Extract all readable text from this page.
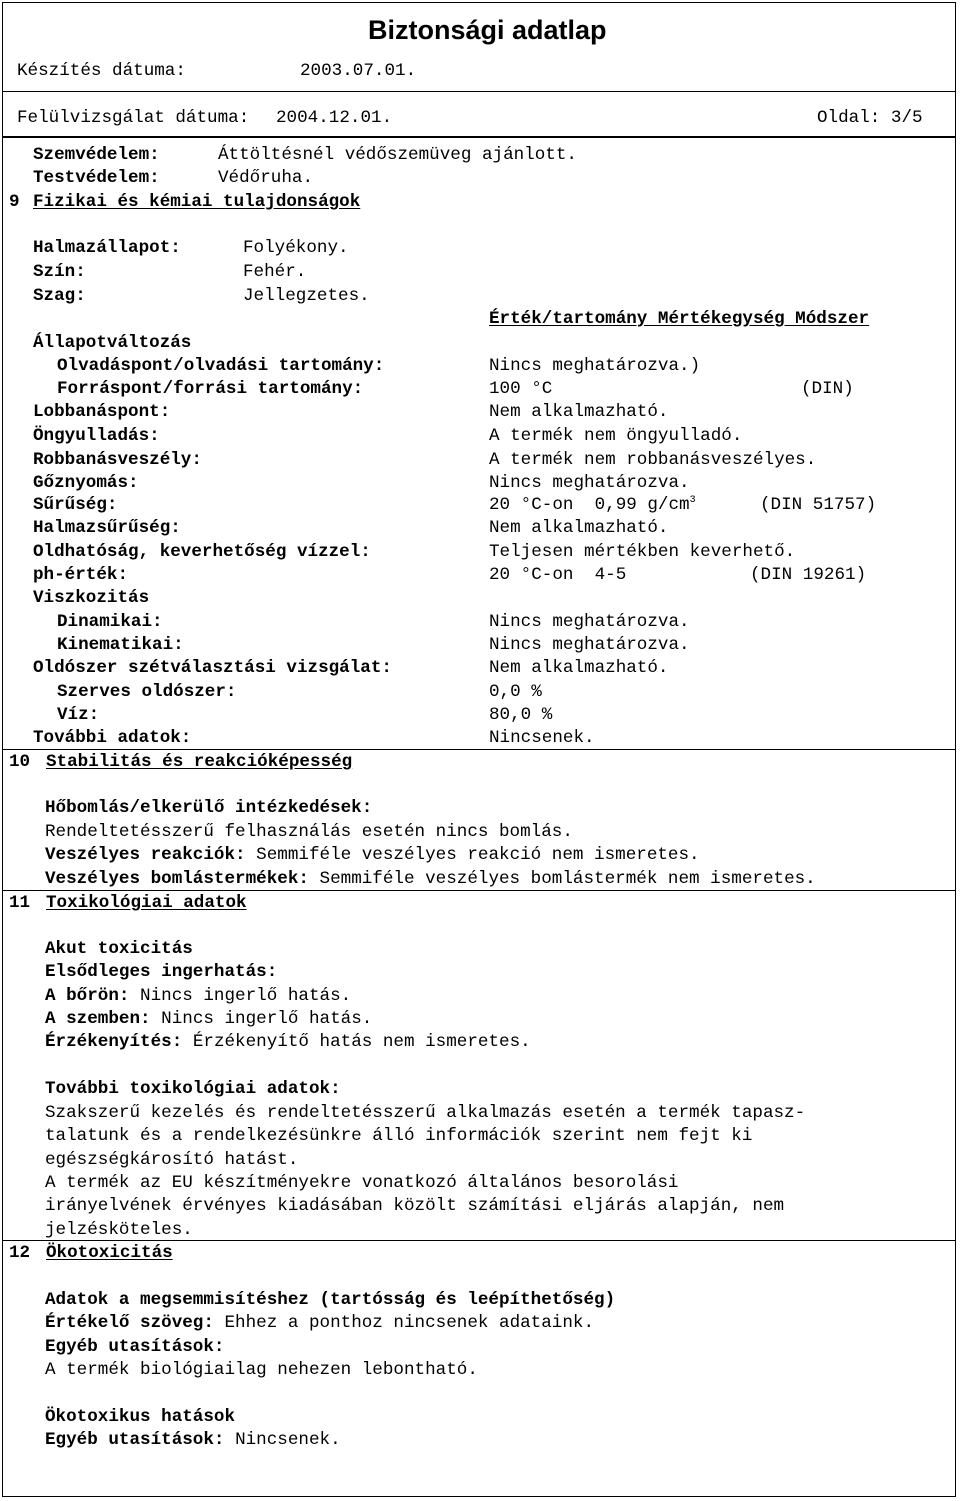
Biztonsági adatlap
Készítés dátuma:	2003.07.01.
Felülvizsgálat dátuma: 2004.12.01.	Oldal: 3/5
Szemvédelem:	Áttöltésnél védőszemüveg ajánlott.
Testvédelem:	Védőruha.
9 Fizikai és kémiai tulajdonságok
Halmazállapot:	Folyékony.
Szín:	Fehér.
Szag:	Jellegzetes.
Érték/tartomány Mértékegység Módszer
Állapotváltozás
Olvadáspont/olvadási tartomány:	Nincs meghatározva.)
Forráspont/forrási tartomány:	100 °C	(DIN)
Lobbanáspont:	Nem alkalmazható.
Öngyulladás:	A termék nem öngyulladó.
Robbanásveszély:	A termék nem robbanásveszélyes.
Gőznyomás:	Nincs meghatározva.
Sűrűség:	20 °C-on  0,99 $g/cm^3$	(DIN 51757)
Halmazsűrűség:	Nem alkalmazható.
Oldhatóság, keverhetőség vízzel:	Teljesen mértékben keverhető.
ph-érték:	20 °C-on  4-5	(DIN 19261)
Viszkozitás
Dinamikai:	Nincs meghatározva.
Kinematikai:	Nincs meghatározva.
Oldószer szétválasztási vizsgálat:	Nem alkalmazható.
Szerves oldószer:	0,0 %
Víz:	80,0 %
További adatok:	Nincsenek.
10 Stabilitás és reakcióképesség
Hőbomlás/elkerülő intézkedések:
Rendeltetésszerű felhasználás esetén nincs bomlás.
Veszélyes reakciók: Semmiféle veszélyes reakció nem ismeretes.
Veszélyes bomlástermékek: Semmiféle veszélyes bomlástermék nem ismeretes.
11 Toxikológiai adatok
Akut toxicitás
Elsődleges ingerhatás:
A bőrön: Nincs ingerlő hatás.
A szemben: Nincs ingerlő hatás.
Érzékenyítés: Érzékenyítő hatás nem ismeretes.
További toxikológiai adatok:
Szakszerű kezelés és rendeltetésszerű alkalmazás esetén a termék tapasz-
talatunk és a rendelkezésünkre álló információk szerint nem fejt ki
egészségkárosító hatást.
A termék az EU készítményekre vonatkozó általános besorolási
irányelvének érvényes kiadásában közölt számítási eljárás alapján, nem
jelzésköteles.
12 Ökotoxicitás
Adatok a megsemmisítéshez (tartósság és leépíthetőség)
Értékelő szöveg: Ehhez a ponthoz nincsenek adataink.
Egyéb utasítások:
A termék biológiailag nehezen lebontható.
Ökotoxikus hatások
Egyéb utasítások: Nincsenek.
